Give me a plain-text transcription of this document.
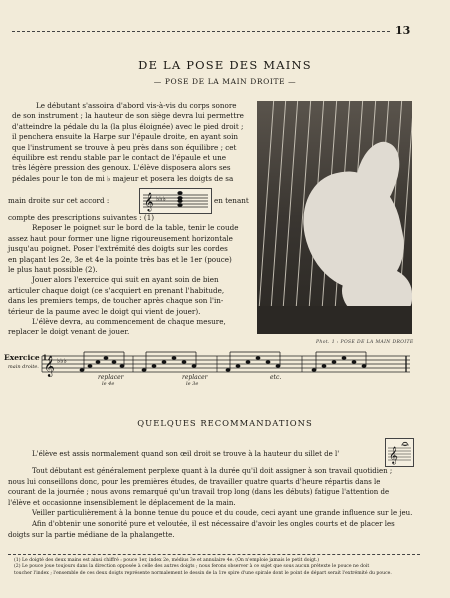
13
DE LA POSE DES MAINS
— POSE DE LA MAIN DROITE —

Le débutant s'assoira d'abord vis-à-vis du corps sonore

de son instrument ; la hauteur de son siège devra lui permettre

d'atteindre la pédale du la (la plus éloignée) avec le pied droit ;

il penchera ensuite la Harpe sur l'épaule droite, en ayant soin

que l'instrument se trouve à peu près dans son équilibre ; cet

équilibre est rendu stable par le contact de l'épaule et une

très légère pression des genoux. L'élève disposera alors ses

pédales pour le ton de mi ♭ majeur et posera les doigts de sa

main droite sur cet accord : 𝄞 ♭♭♭	en tenant

compte des prescriptions suivantes : (1)

Reposer le poignet sur le bord de la table, tenir le coude

assez haut pour former une ligne rigoureusement horizontale

jusqu'au poignet. Poser l'extrémité des doigts sur les cordes

en plaçant les 2e, 3e et 4e la pointe très bas et le 1er (pouce)

le plus haut possible (2).

Jouer alors l'exercice qui suit en ayant soin de bien

articuler chaque doigt (ce s'acquiert en prenant l'habitude,

dans les premiers temps, de toucher après chaque son l'in-

térieur de la paume avec le doigt qui vient de jouer).

L'élève devra, au commencement de chaque mesure,

replacer le doigt venant de jouer.

Phot. 1 : POSE DE LA MAIN DROITE
Exercice 1.
main droite. 𝄞 ♭♭♭
replacer
le 4e
replacer
le 3e
etc.
QUELQUES RECOMMANDATIONS
L'élève est assis normalement quand son œil droit se trouve à la hauteur du sillet de l'	𝄞

Tout débutant est généralement perplexe quant à la durée qu'il doit assigner à son travail quotidien ;

nous lui conseillons donc, pour les premières études, de travailler quatre quarts d'heure répartis dans le

courant de la journée ; nous avons remarqué qu'un travail trop long (dans les débuts) fatigue l'attention de

l'élève et occasionne insensiblement le déplacement de la main.

Veiller particulièrement à la bonne tenue du pouce et du coude, ceci ayant une grande influence sur le jeu.

Afin d'obtenir une sonorité pure et veloutée, il est nécessaire d'avoir les ongles courts et de placer les

doigts sur la partie médiane de la phalangette.

(1) Le doigté des deux mains est ainsi chiffré : pouce 1er, index 2e, médius 3e et annulaire 4e. (On n'emploie jamais le petit doigt.)
(2) Le pouce joue toujours dans la direction opposée à celle des autres doigts ; nous ferons observer à ce sujet que sous aucun prétexte le pouce ne doit
toucher l'index ; l'ensemble de ces deux doigts représente normalement le dessin de la 1re spire d'une spirale dont le point de départ serait l'extrémité du pouce.
